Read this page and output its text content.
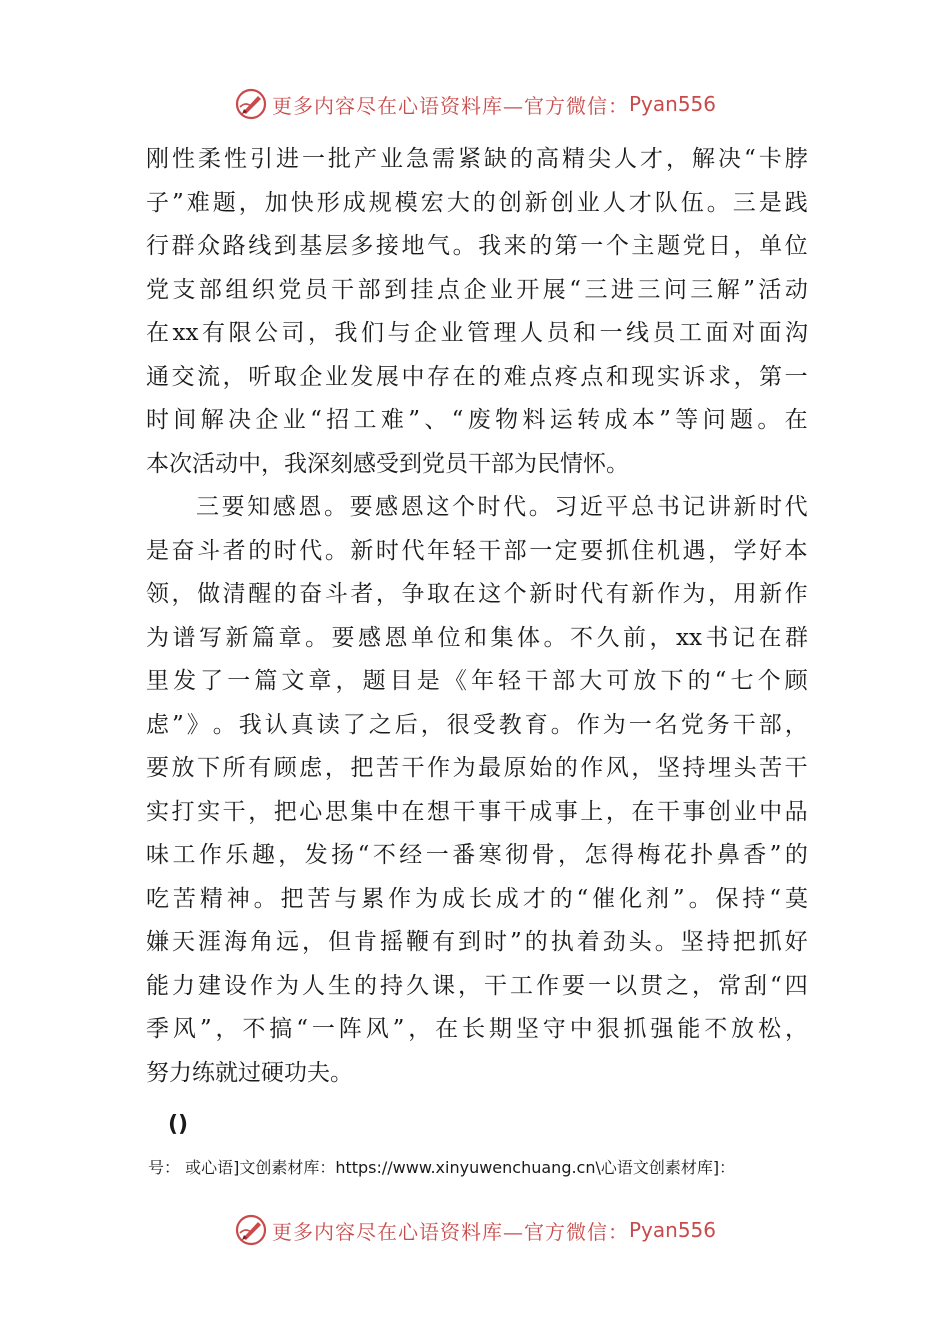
更多内容尽在心语资料库—官方微信： Pyan556
刚 性 柔 性 引 进 一 批 产 业 急 需 紧 缺 的 高 精 尖 人 才 ， 解 决 “ 卡 脖
子 ” 难 题 ， 加 快 形 成 规 模 宏 大 的 创 新 创 业 人 才 队 伍 。 三 是 践
行 群 众 路 线 到 基 层 多 接 地 气 。 我 来 的 第 一 个 主 题 党 日 ， 单 位
党 支 部 组 织 党 员 干 部 到 挂 点 企 业 开 展 “ 三 进 三 问 三 解 ” 活 动
在 xx 有 限 公 司 ， 我 们 与 企 业 管 理 人 员 和 一 线 员 工 面 对 面 沟
通 交 流 ， 听 取 企 业 发 展 中 存 在 的 难 点 疼 点 和 现 实 诉 求 ， 第 一
时 间 解 决 企 业 “ 招 工 难 ” 、 “ 废 物 料 运 转 成 本 ” 等 问 题 。 在
本次活动中，我深刻感受到党员干部为民情怀。
三 要 知 感 恩 。 要 感 恩 这 个 时 代 。 习 近 平 总 书 记 讲 新 时 代
是 奋 斗 者 的 时 代 。 新 时 代 年 轻 干 部 一 定 要 抓 住 机 遇 ， 学 好 本
领 ， 做 清 醒 的 奋 斗 者 ， 争 取 在 这 个 新 时 代 有 新 作 为 ， 用 新 作
为 谱 写 新 篇 章 。 要 感 恩 单 位 和 集 体 。 不 久 前 ， xx 书 记 在 群
里 发 了 一 篇 文 章 ， 题 目 是 《 年 轻 干 部 大 可 放 下 的 “ 七 个 顾
虑 ” 》 。 我 认 真 读 了 之 后 ， 很 受 教 育 。 作 为 一 名 党 务 干 部 ，
要 放 下 所 有 顾 虑 ， 把 苦 干 作 为 最 原 始 的 作 风 ， 坚 持 埋 头 苦 干
实 打 实 干 ， 把 心 思 集 中 在 想 干 事 干 成 事 上 ， 在 干 事 创 业 中 品
味 工 作 乐 趣 ， 发 扬 “ 不 经 一 番 寒 彻 骨 ， 怎 得 梅 花 扑 鼻 香 ” 的
吃 苦 精 神 。 把 苦 与 累 作 为 成 长 成 才 的 “ 催 化 剂 ” 。 保 持 “ 莫
嫌 天 涯 海 角 远 ， 但 肯 摇 鞭 有 到 时 ” 的 执 着 劲 头 。 坚 持 把 抓 好
能 力 建 设 作 为 人 生 的 持 久 课 ， 干 工 作 要 一 以 贯 之 ， 常 刮 “ 四
季 风 ” ， 不 搞 “ 一 阵 风 ” ， 在 长 期 坚 守 中 狠 抓 强 能 不 放 松 ，
努力练就过硬功夫。
()
号： 或心语]文创素材库：https://www.xinyuwenchuang.cn\心语文创素材库]：
更多内容尽在心语资料库—官方微信： Pyan556
